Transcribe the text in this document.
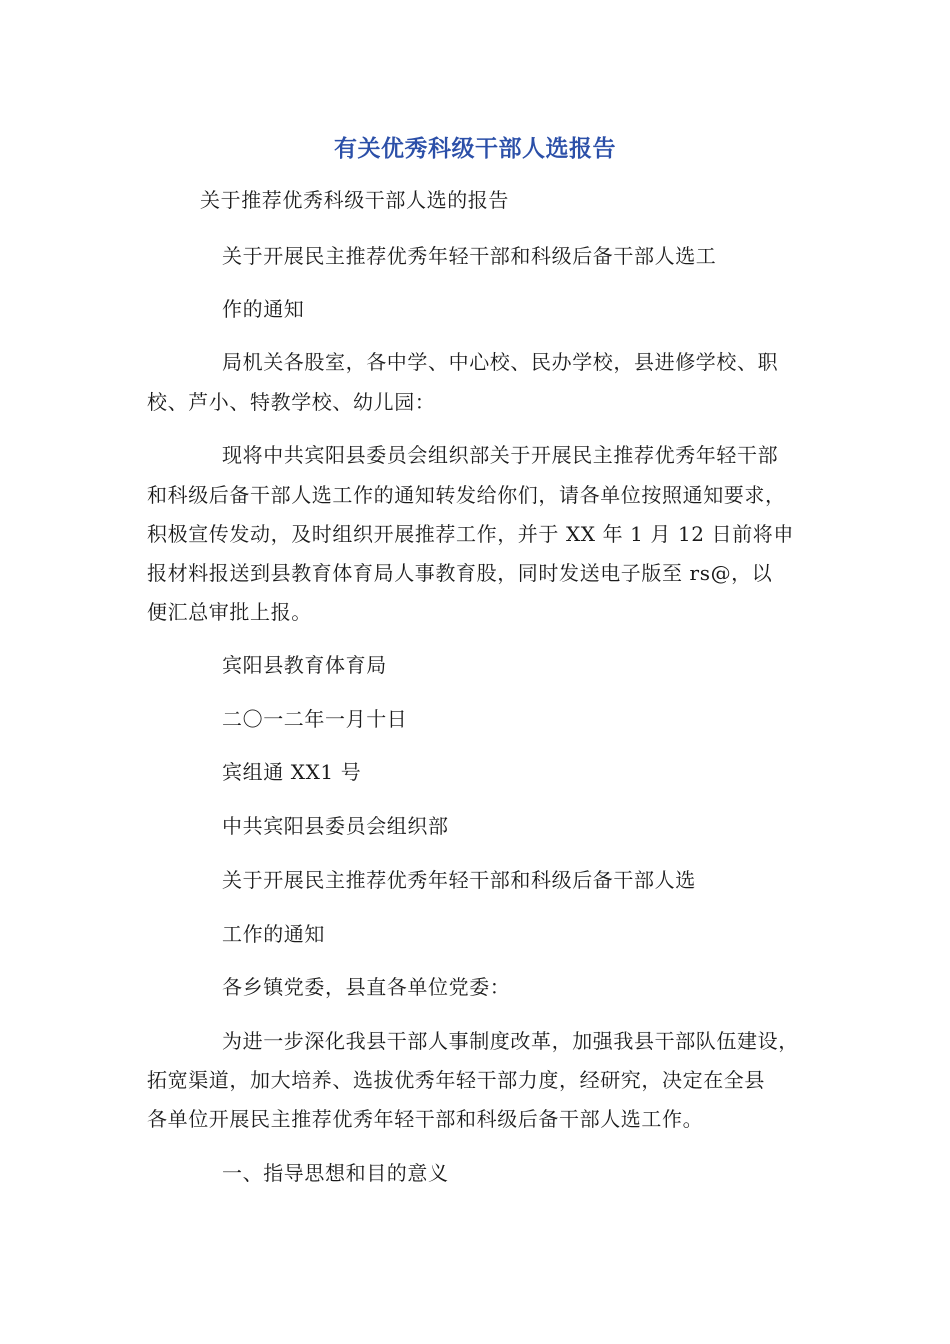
有关优秀科级干部人选报告
关于推荐优秀科级干部人选的报告
关于开展民主推荐优秀年轻干部和科级后备干部人选工
作的通知
局机关各股室，各中学、中心校、民办学校，县进修学校、职
校、芦小、特教学校、幼儿园：
现将中共宾阳县委员会组织部关于开展民主推荐优秀年轻干部
和科级后备干部人选工作的通知转发给你们，请各单位按照通知要求，
积极宣传发动，及时组织开展推荐工作，并于 XX 年 1 月 12 日前将申
报材料报送到县教育体育局人事教育股，同时发送电子版至 rs@，以
便汇总审批上报。
宾阳县教育体育局
二〇一二年一月十日
宾组通 XX1 号
中共宾阳县委员会组织部
关于开展民主推荐优秀年轻干部和科级后备干部人选
工作的通知
各乡镇党委，县直各单位党委：
为进一步深化我县干部人事制度改革，加强我县干部队伍建设，
拓宽渠道，加大培养、选拔优秀年轻干部力度，经研究，决定在全县
各单位开展民主推荐优秀年轻干部和科级后备干部人选工作。
一、指导思想和目的意义
